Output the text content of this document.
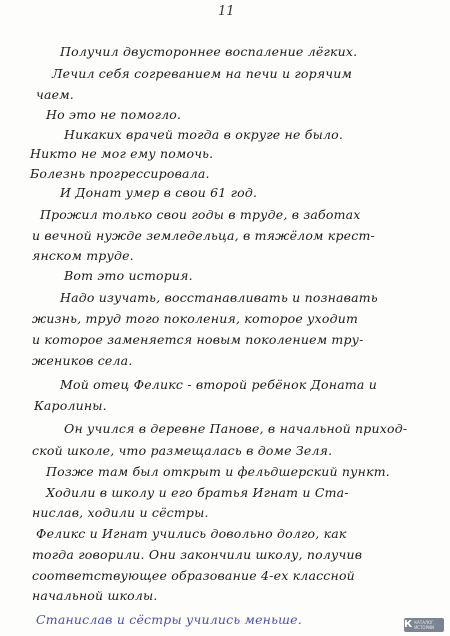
11
Получил двустороннее воспаление лёгких.
Лечил себя согреванием на печи и горячим
чаем.
Но это не помогло.
Никаких врачей тогда в округе не было.
Никто не мог ему помочь.
Болезнь прогрессировала.
И Донат умер в свои 61 год.
Прожил только свои годы в труде, в заботах
и вечной нужде земледельца, в тяжёлом крест-
янском труде.
Вот это история.
Надо изучать, восстанавливать и познавать
жизнь, труд того поколения, которое уходит
и которое заменяется новым поколением тру-
жеников села.
Мой отец Феликс - второй ребёнок Доната и
Каролины.
Он учился в деревне Панове, в начальной приход-
ской школе, что размещалась в доме Зеля.
Позже там был открыт и фельдшерский пункт.
Ходили в школу и его братья Игнат и Ста-
нислав, ходили и сёстры.
Феликс и Игнат учились довольно долго, как
тогда говорили. Они закончили школу, получив
соответствующее образование 4-ех классной
начальной школы.
Станислав и сёстры учились меньше.	К КАТАЛОГ ИСТОРИИ
